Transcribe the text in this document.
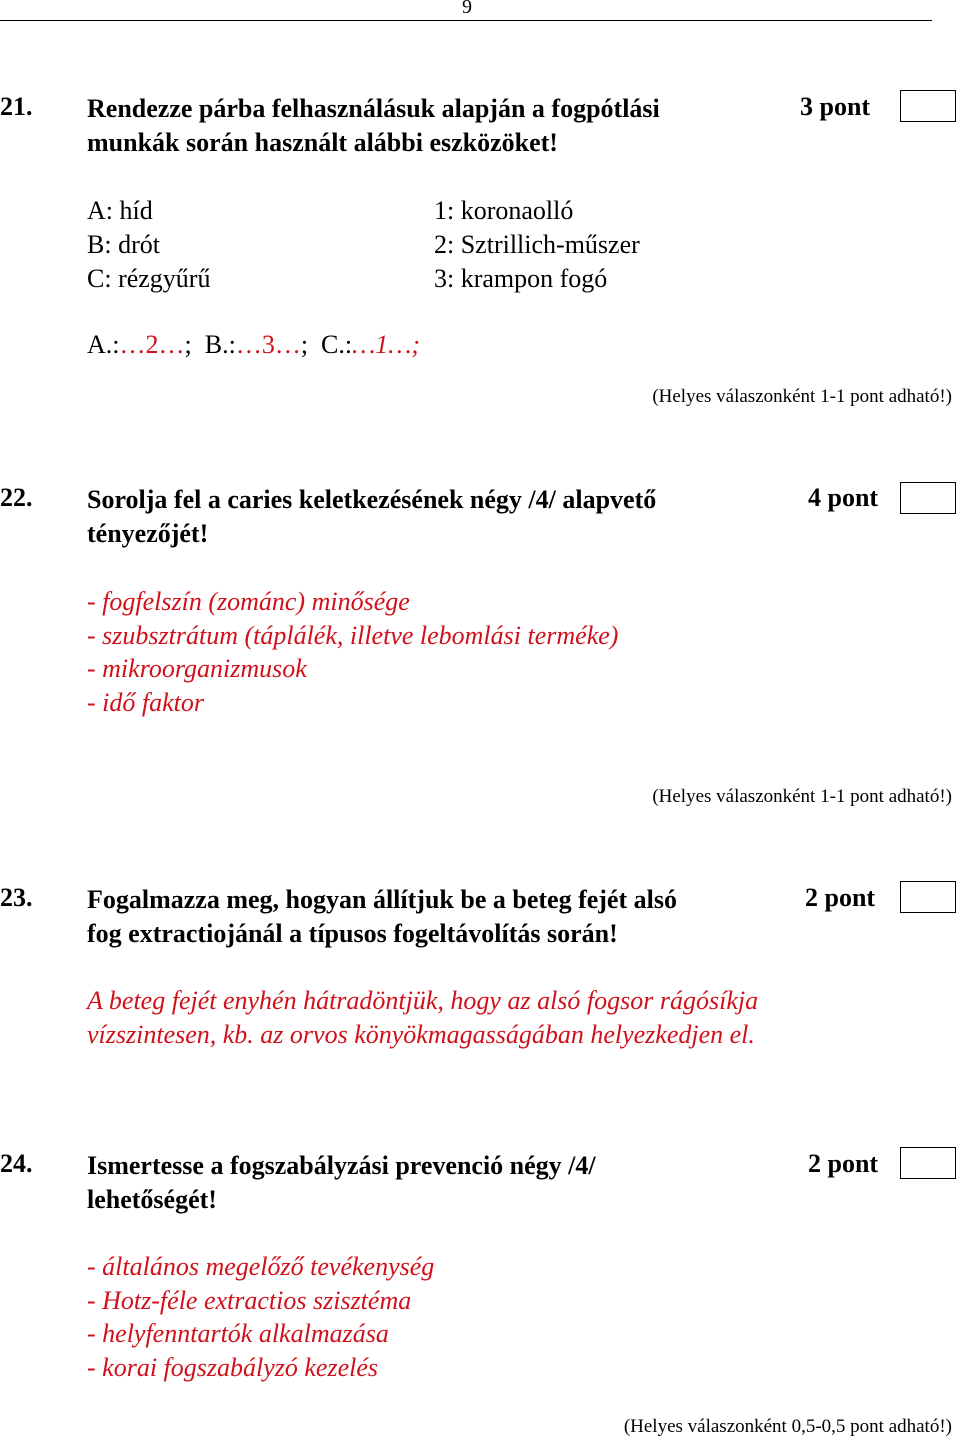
9
21. Rendezze párba felhasználásuk alapján a fogpótlási
munkák során használt alábbi eszközöket!
3 pont
A: híd
B: drót
C: rézgyűrű
1: koronaolló
2: Sztrillich-műszer
3: krampon fogó
A.:…2…; B.:…3…; C.:…1…;
(Helyes válaszonként 1-1 pont adható!)
22. Sorolja fel a caries keletkezésének négy /4/ alapvető
tényezőjét!
4 pont
- fogfelszín (zománc) minősége
- szubsztrátum (táplálék, illetve lebomlási terméke)
- mikroorganizmusok
- idő faktor
(Helyes válaszonként 1-1 pont adható!)
23. Fogalmazza meg, hogyan állítjuk be a beteg fejét alsó
fog extractiojánál a típusos fogeltávolítás során!
2 pont
A beteg fejét enyhén hátradöntjük, hogy az alsó fogsor rágósíkja
vízszintesen, kb. az orvos könyökmagasságában helyezkedjen el.
24. Ismertesse a fogszabályzási prevenció négy /4/
lehetőségét!
2 pont
- általános megelőző tevékenység
- Hotz-féle extractios szisztéma
- helyfenntartók alkalmazása
- korai fogszabályzó kezelés
(Helyes válaszonként 0,5-0,5 pont adható!)
